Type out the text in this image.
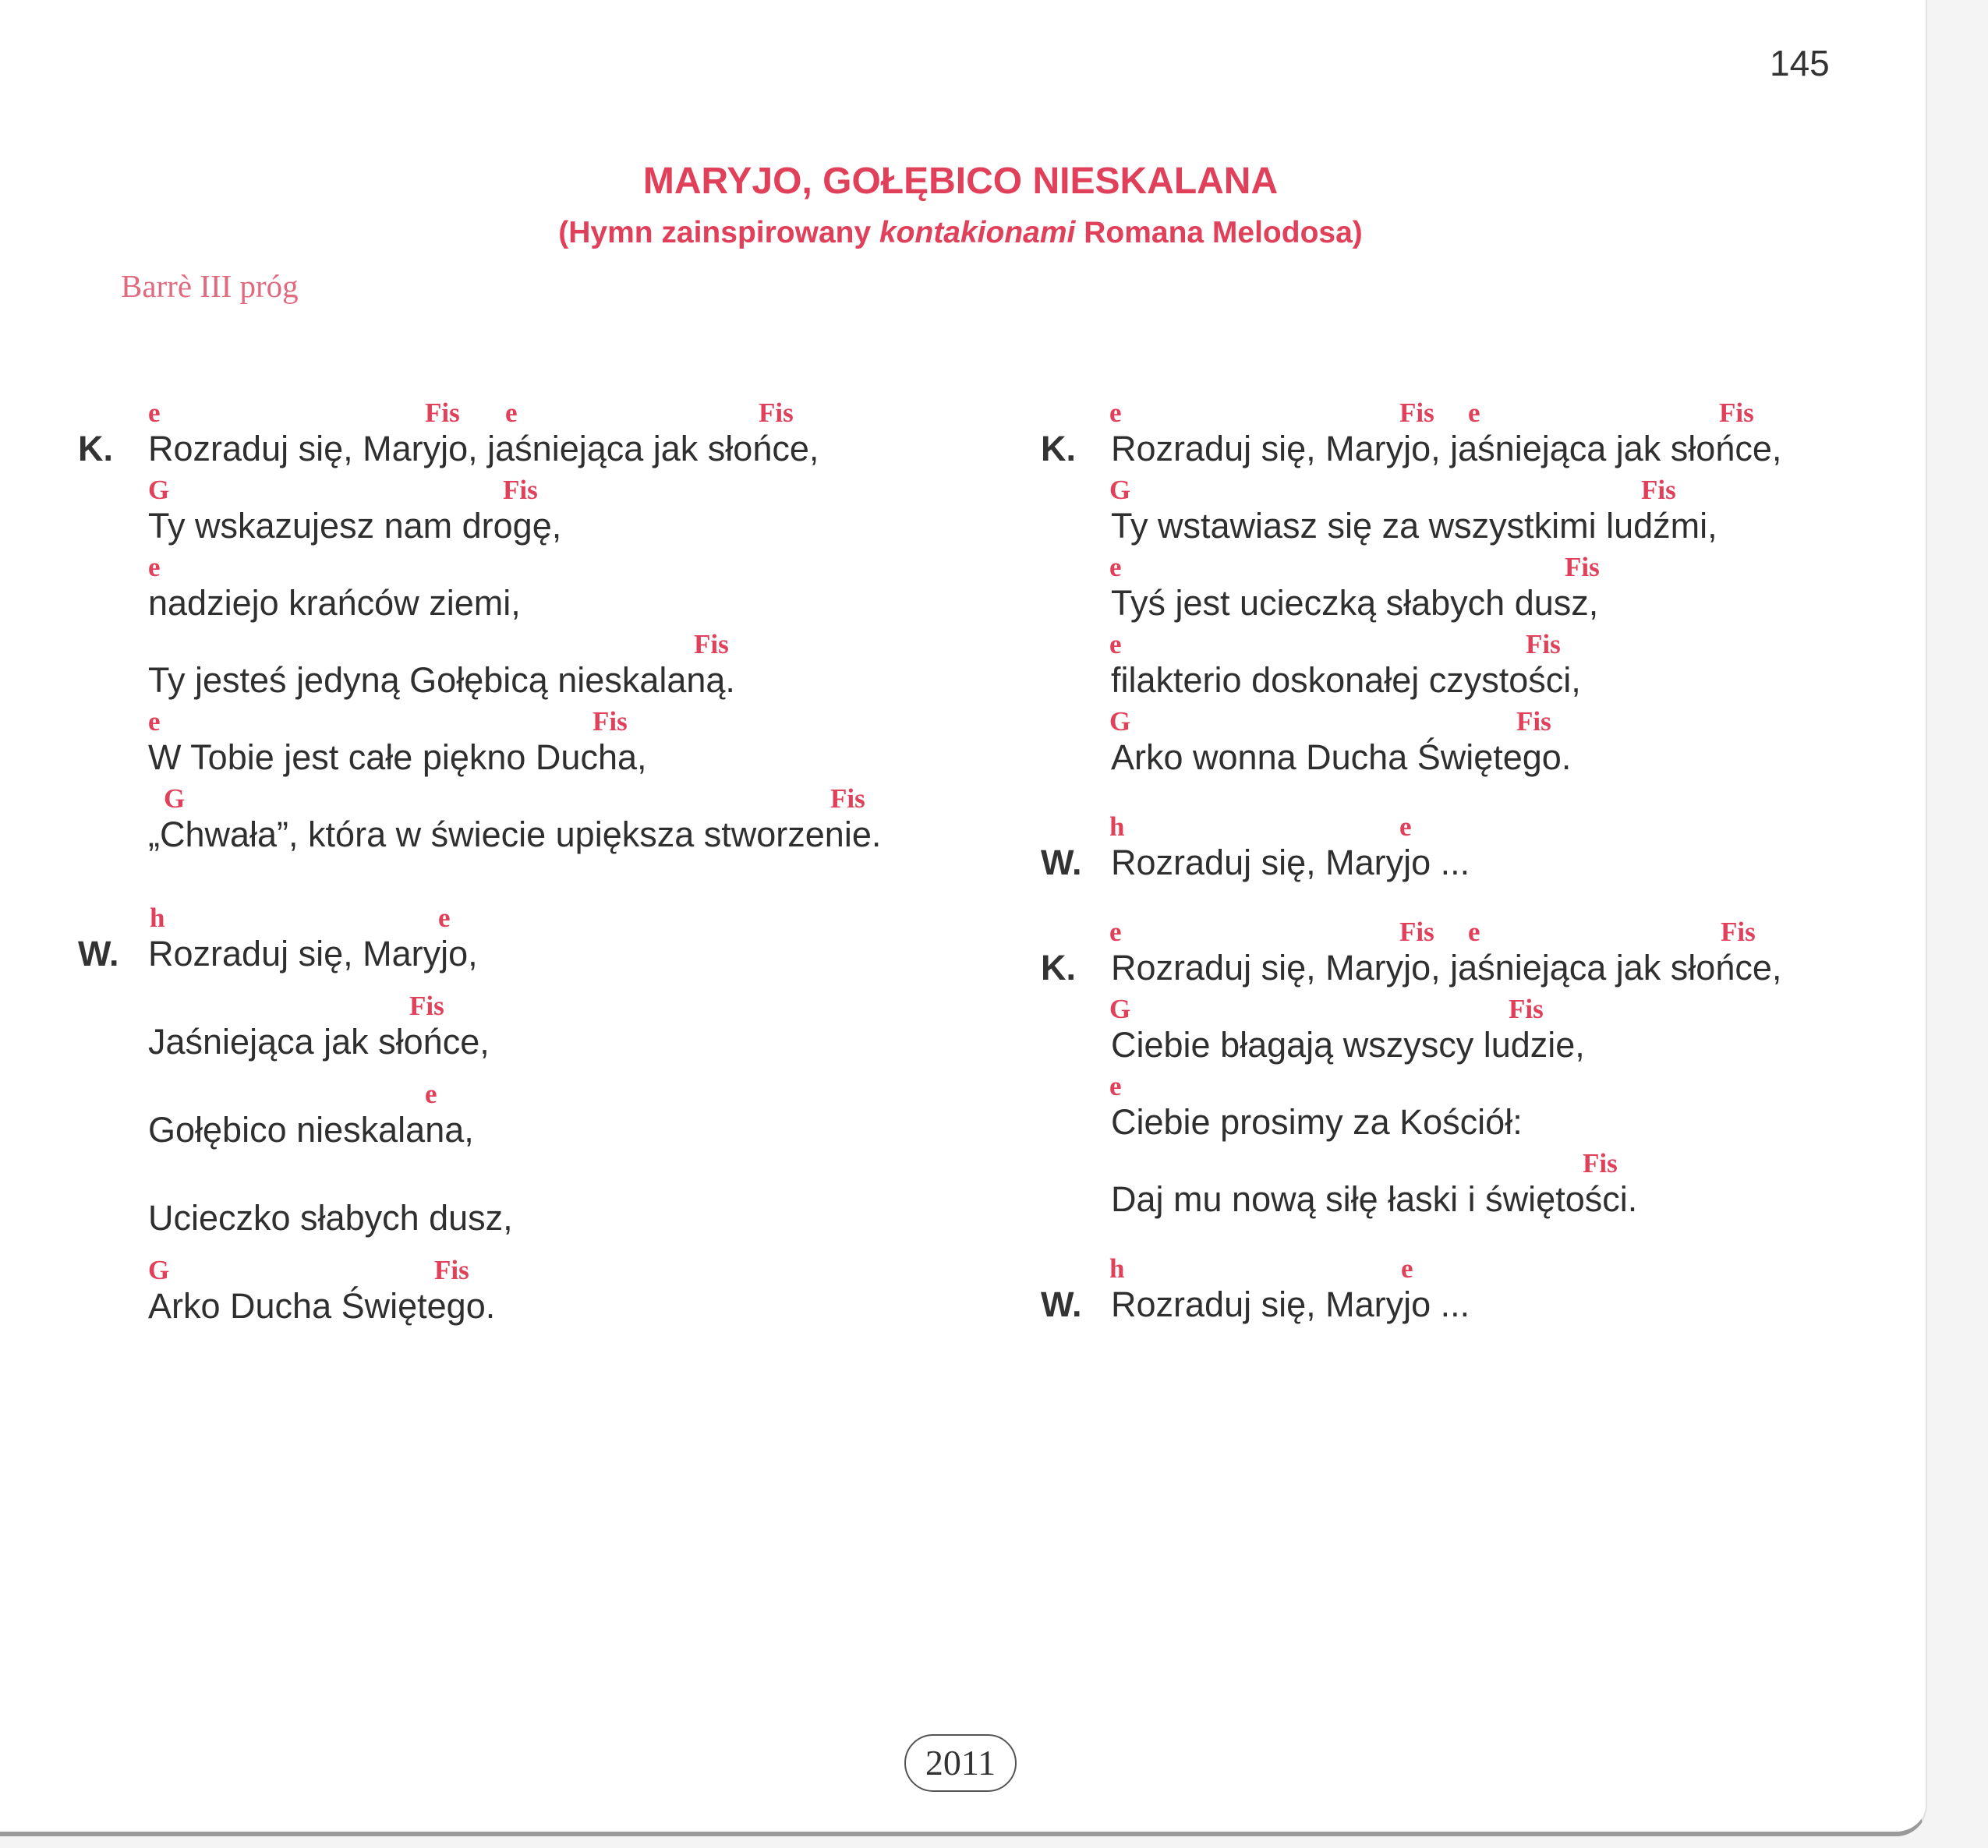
145
MARYJO, GOŁĘBICO NIESKALANA
(Hymn zainspirowany kontakionami Romana Melodosa)
Barrè III próg
e	Fis e	Fis
K. Rozraduj się, Maryjo, jaśniejąca jak słońce,
G	Fis
Ty wskazujesz nam drogę,
e
nadziejo krańców ziemi,
Fis
Ty jesteś jedyną Gołębicą nieskalaną.
e	Fis
W Tobie jest całe piękno Ducha,
G	Fis
„Chwała”, która w świecie upiększa stworzenie.
h	e
W. Rozraduj się, Maryjo,
Fis
Jaśniejąca jak słońce,
e
Gołębico nieskalana,
Ucieczko słabych dusz,
G	Fis
Arko Ducha Świętego.
e	Fis e	Fis
K. Rozraduj się, Maryjo, jaśniejąca jak słońce,
G	Fis
Ty wstawiasz się za wszystkimi ludźmi,
e	Fis
Tyś jest ucieczką słabych dusz,
e	Fis
filakterio doskonałej czystości,
G	Fis
Arko wonna Ducha Świętego.
h	e
W. Rozraduj się, Maryjo ...
e	Fis e	Fis
K. Rozraduj się, Maryjo, jaśniejąca jak słońce,
G	Fis
Ciebie błagają wszyscy ludzie,
e
Ciebie prosimy za Kościół:
Fis
Daj mu nową siłę łaski i świętości.
h	e
W. Rozraduj się, Maryjo ...
2011
